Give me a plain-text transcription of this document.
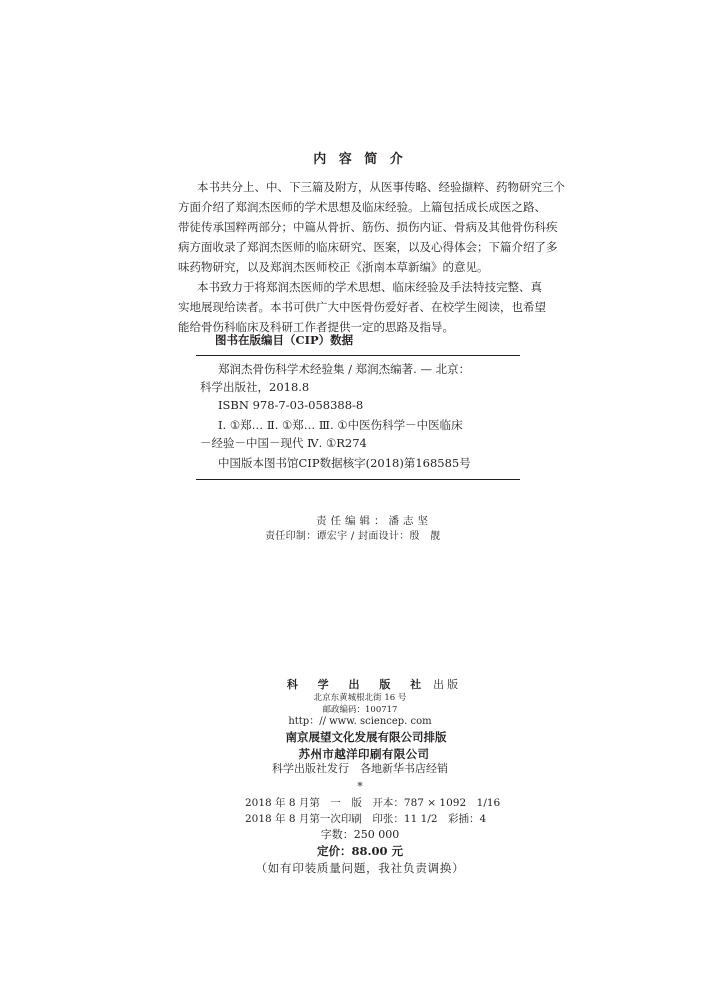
内 容 简 介
本书共分上、中、下三篇及附方，从医事传略、经验撷粹、药物研究三个
方面介绍了郑润杰医师的学术思想及临床经验。上篇包括成长成医之路、
带徒传承国粹两部分；中篇从骨折、筋伤、损伤内证、骨病及其他骨伤科疾
病方面收录了郑润杰医师的临床研究、医案，以及心得体会；下篇介绍了多
味药物研究，以及郑润杰医师校正《浙南本草新编》的意见。
本书致力于将郑润杰医师的学术思想、临床经验及手法特技完整、真
实地展现给读者。本书可供广大中医骨伤爱好者、在校学生阅读，也希望
能给骨伤科临床及科研工作者提供一定的思路及指导。
图书在版编目（CIP）数据
郑润杰骨伤科学术经验集 / 郑润杰编著. — 北京：
科学出版社，2018.8
ISBN 978-7-03-058388-8
Ⅰ. ①郑… Ⅱ. ①郑… Ⅲ. ①中医伤科学－中医临床
－经验－中国－现代 Ⅳ. ①R274
中国版本图书馆CIP数据核字(2018)第168585号
责任编辑：潘志坚
责任印制：谭宏宇 / 封面设计：殷　靓
科 学 出 版 社 出版
北京东黄城根北街 16 号
邮政编码：100717
http：// www. sciencep. com
南京展望文化发展有限公司排版
苏州市越洋印刷有限公司
科学出版社发行　各地新华书店经销
*
2018 年 8 月第　一　版　开本：787 × 1092　1/16
2018 年 8 月第一次印刷　印张：11 1/2　彩插：4
字数：250 000
定价：88.00 元
（如有印装质量问题，我社负责调换）
